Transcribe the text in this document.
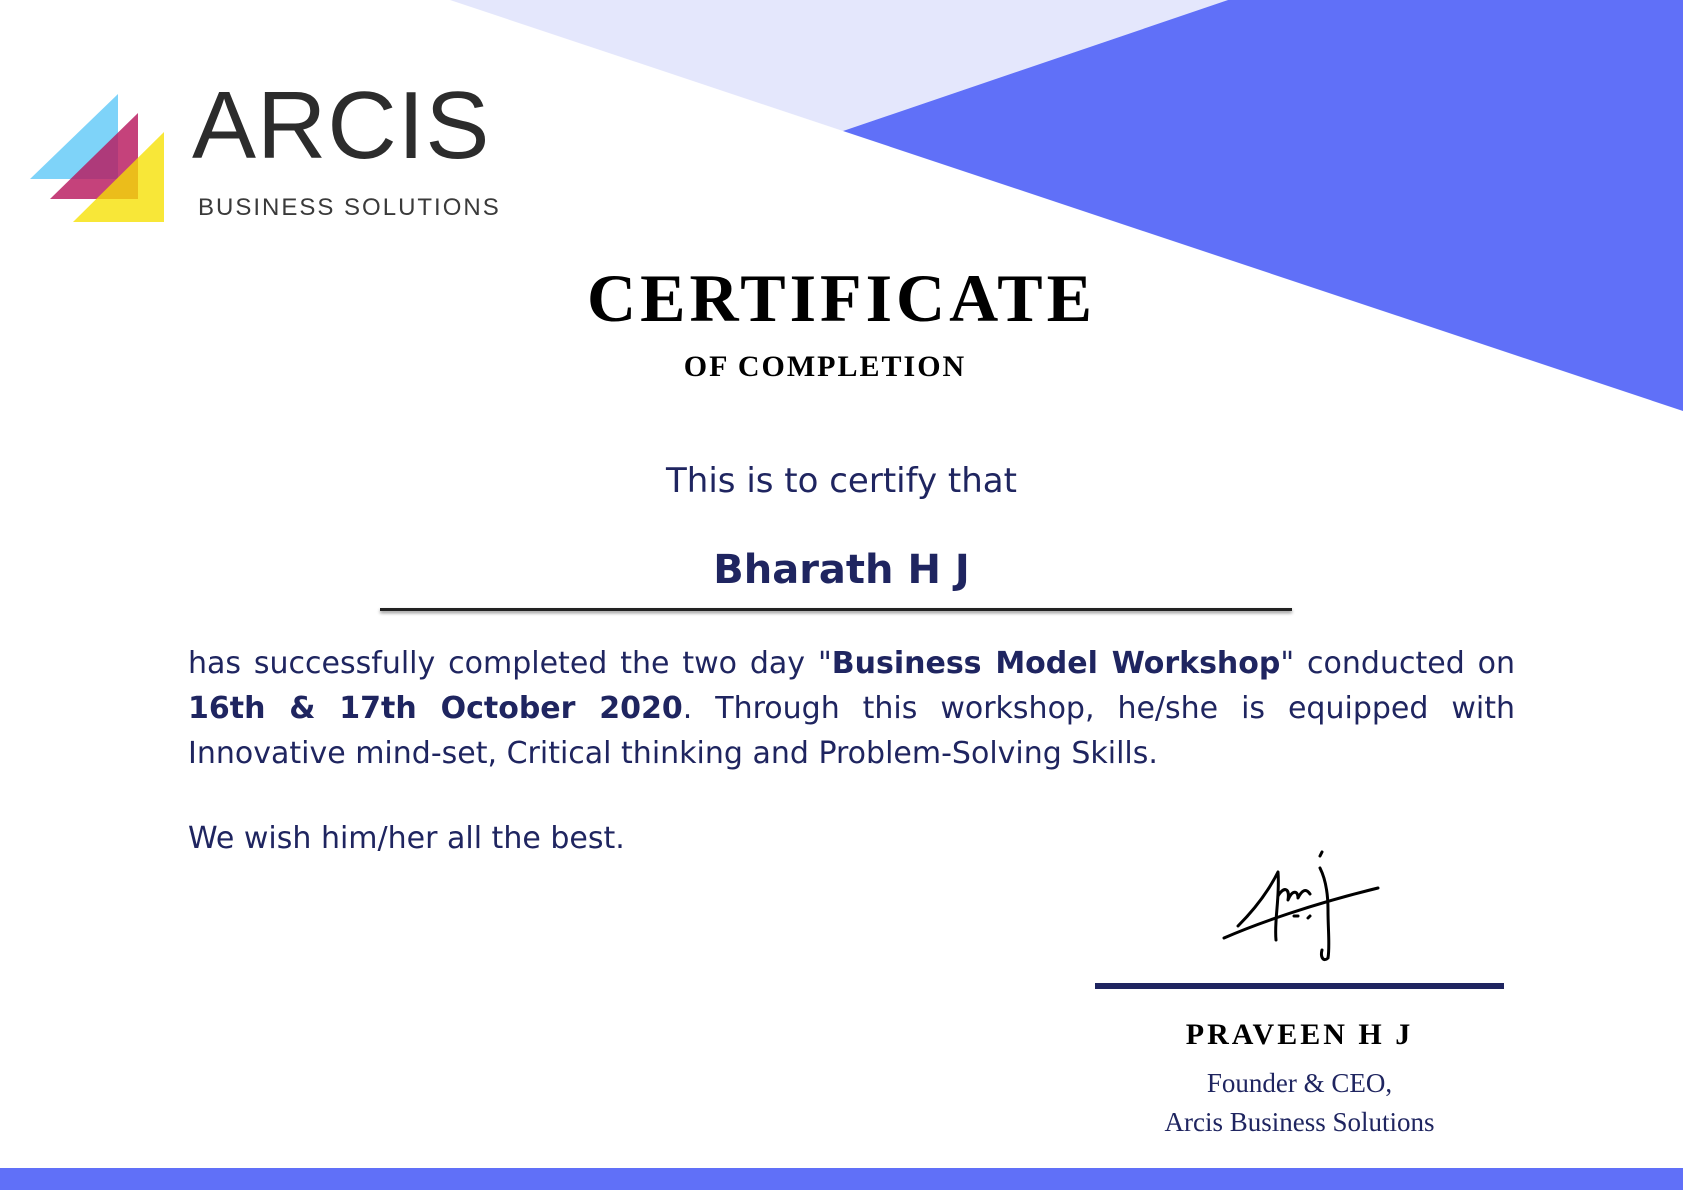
ARCIS

BUSINESS SOLUTIONS

CERTIFICATE
OF COMPLETION

This is to certify that

Bharath H J

has successfully completed the two day "Business Model Workshop" conducted on 16th & 17th October 2020. Through this workshop, he/she is equipped with Innovative mind-set, Critical thinking and Problem-Solving Skills.

We wish him/her all the best.

PRAVEEN H J

Founder & CEO,

Arcis Business Solutions
